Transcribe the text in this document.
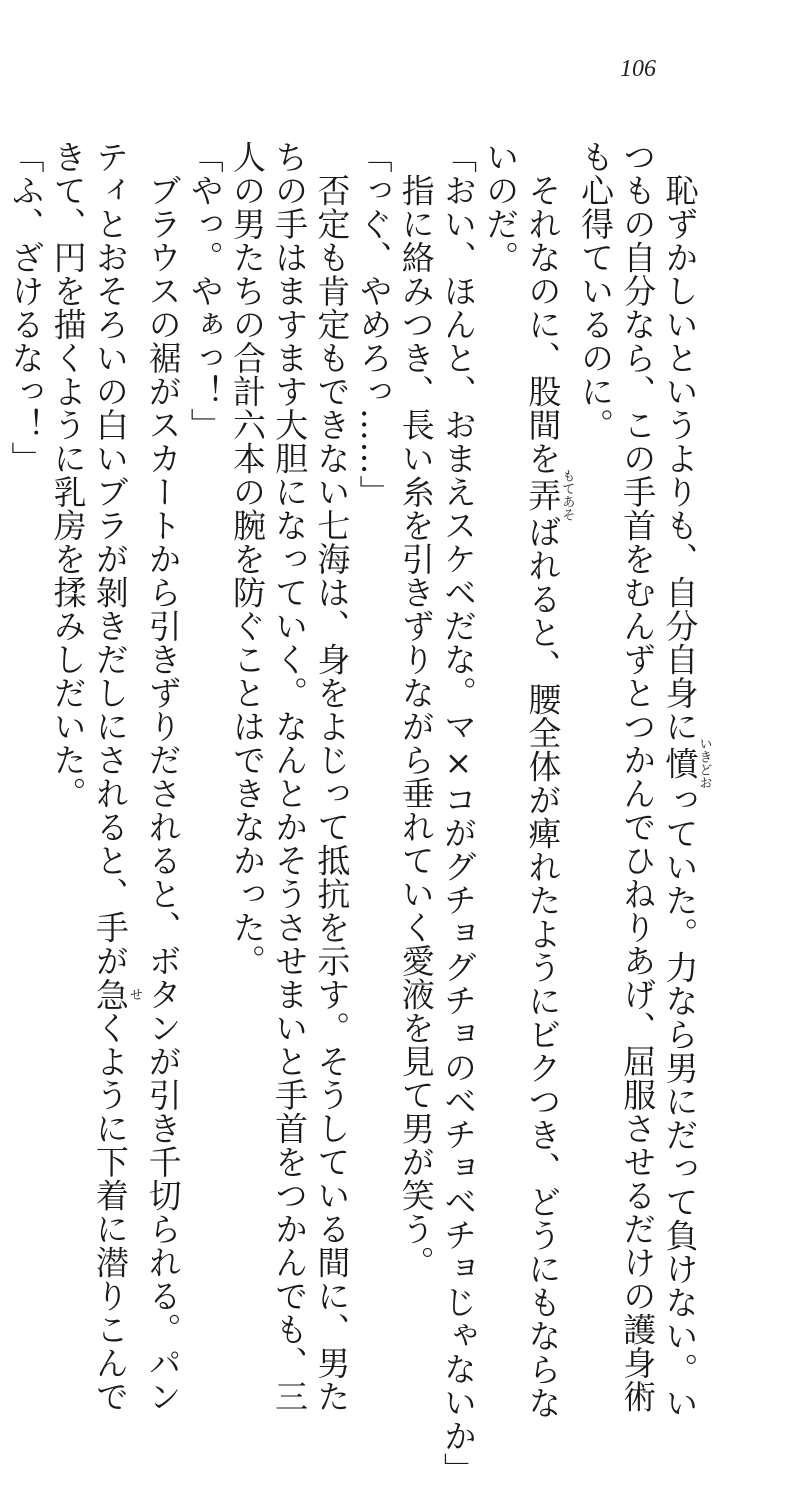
106
　恥ずかしいというよりも、自分自身に憤いきどおっていた。力なら男にだって負けない。い
つもの自分なら、この手首をむんずとつかんでひねりあげ、屈服させるだけの護身術
も心得ているのに。
　それなのに、股間を弄もてあそばれると、腰全体が痺れたようにビクつき、どうにもならな
いのだ。
「おい、ほんと、おまえスケベだな。マ×コがグチョグチョのベチョベチョじゃないか」
　指に絡みつき、長い糸を引きずりながら垂れていく愛液を見て男が笑う。
「っぐ、やめろっ……」
　否定も肯定もできない七海は、身をよじって抵抗を示す。そうしている間に、男た
ちの手はますます大胆になっていく。なんとかそうさせまいと手首をつかんでも、三
人の男たちの合計六本の腕を防ぐことはできなかった。
「やっ。やぁっ！」
　ブラウスの裾がスカートから引きずりだされると、ボタンが引き千切られる。パン
ティとおそろいの白いブラが剝きだしにされると、手が急せくように下着に潜りこんで
きて、円を描くように乳房を揉みしだいた。
「ふ、ざけるなっ！」
